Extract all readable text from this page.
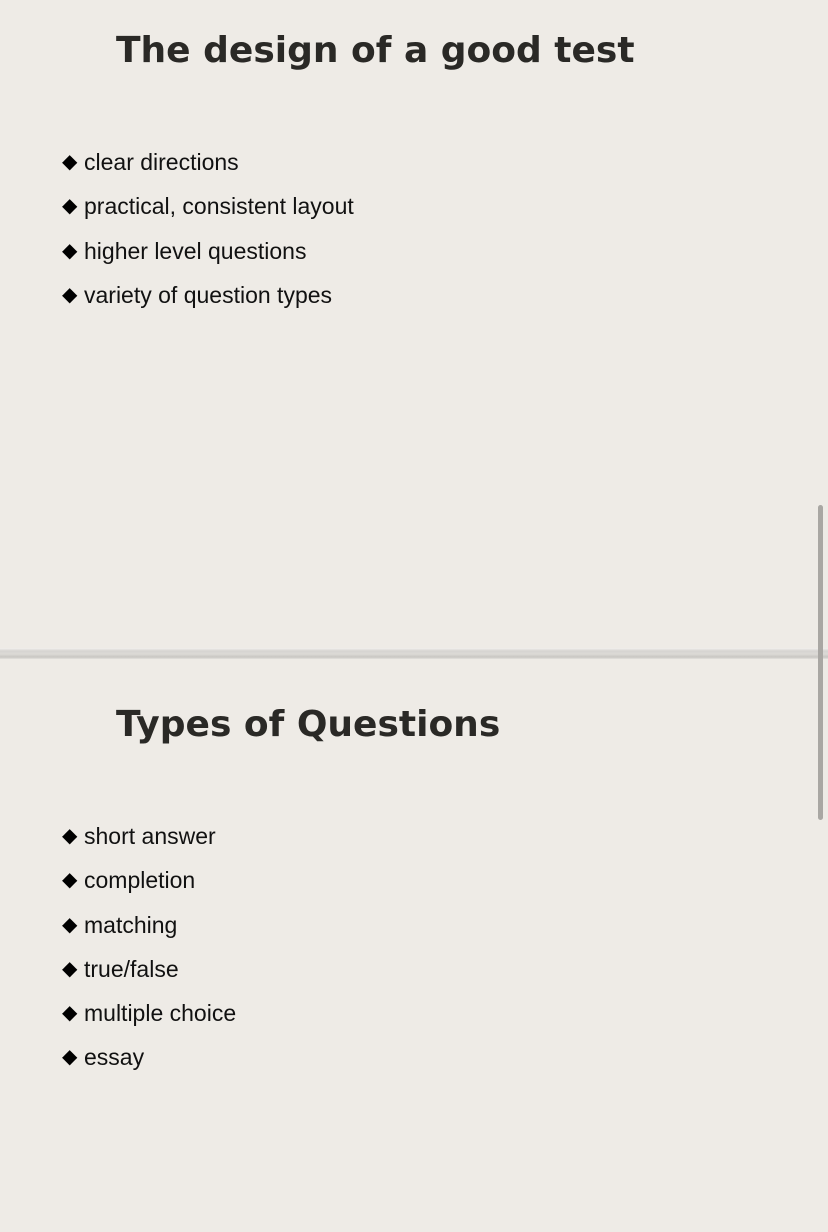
The design of a good test
◆ clear directions
◆ practical, consistent layout
◆ higher level questions
◆ variety of question types
Types of Questions
◆ short answer
◆ completion
◆ matching
◆ true/false
◆ multiple choice
◆ essay
